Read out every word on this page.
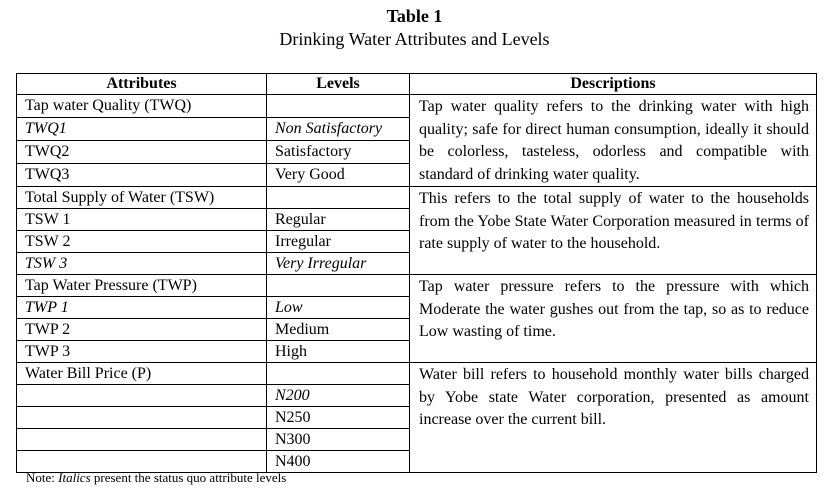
Table 1
Drinking Water Attributes and Levels
Attributes	Levels	Descriptions
Tap water Quality (TWQ)		Tap water quality refers to the drinking water with high quality; safe for direct human consumption, ideally it should be colorless, tasteless, odorless and compatible with standard of drinking water quality.
TWQ1	Non Satisfactory	
TWQ2	Satisfactory	
TWQ3	Very Good	
Total Supply of Water (TSW)		This refers to the total supply of water to the households from the Yobe State Water Corporation measured in terms of rate supply of water to the household.
TSW 1	Regular	
TSW 2	Irregular	
TSW 3	Very Irregular	
Tap Water Pressure (TWP)		Tap water pressure refers to the pressure with which Moderate the water gushes out from the tap, so as to reduce Low wasting of time.
TWP 1	Low	
TWP 2	Medium	
TWP 3	High	
Water Bill Price (P)		Water bill refers to household monthly water bills charged by Yobe state Water corporation, presented as amount increase over the current bill.
	N200	
	N250	
	N300	
	N400	
Note: Italics present the status quo attribute levels
